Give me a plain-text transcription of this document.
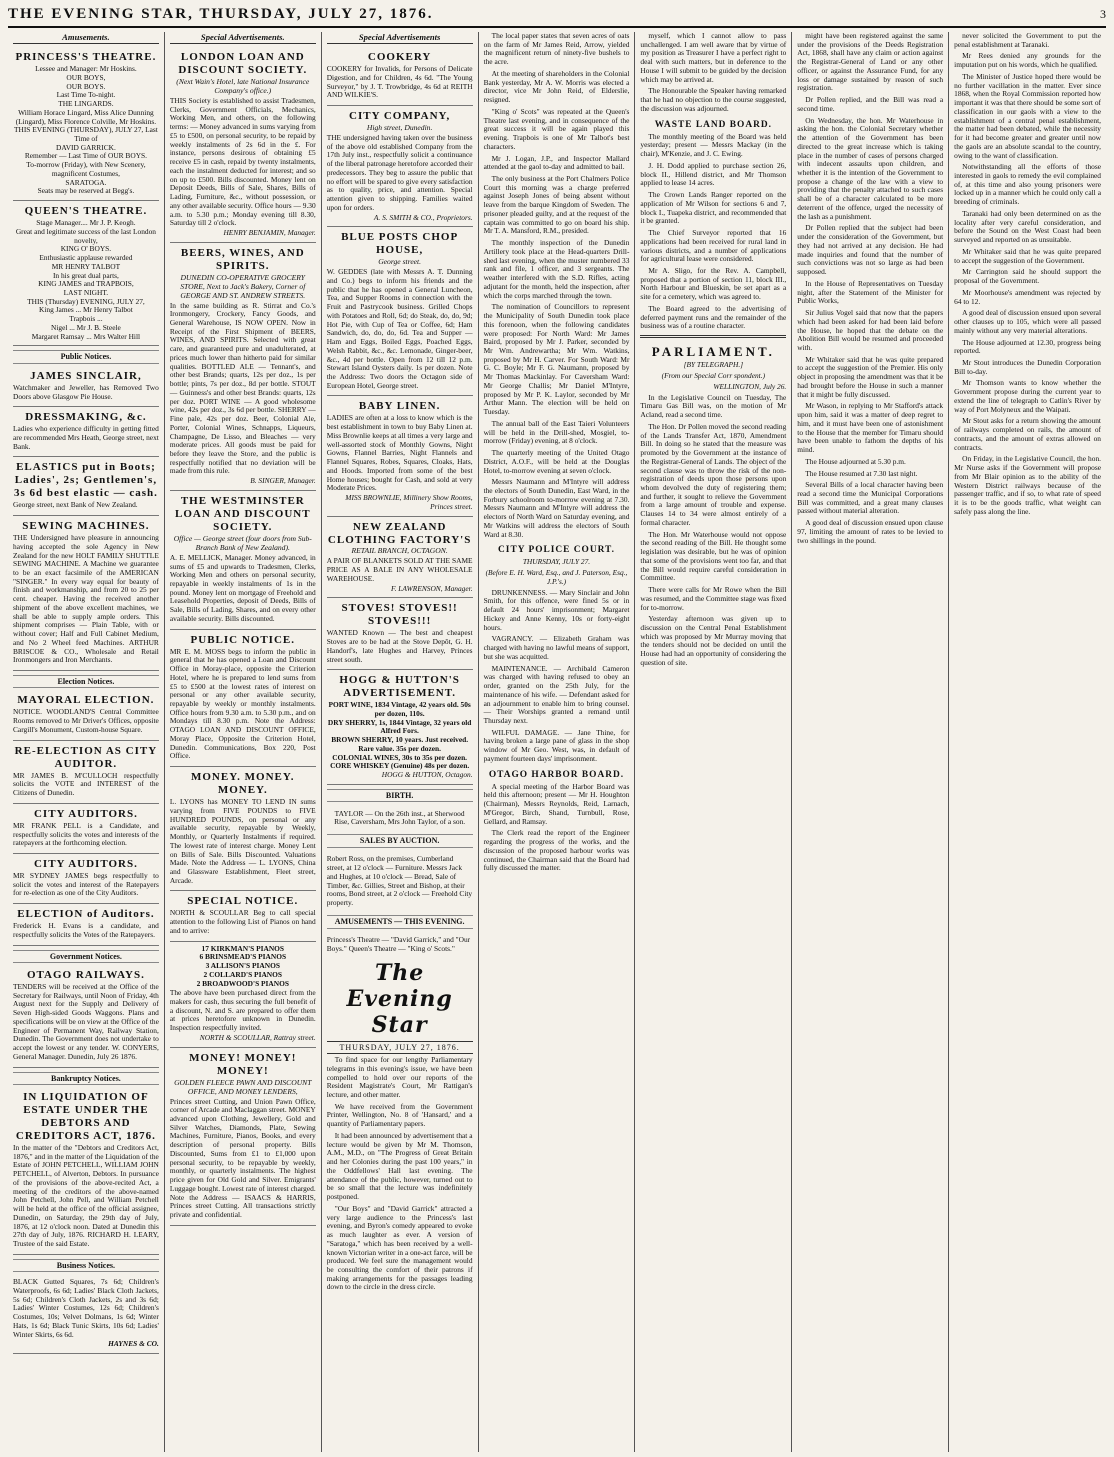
THE EVENING STAR, THURSDAY, JULY 27, 1876.	3
Amusements.
PRINCESS'S THEATRE.
Lessee and Manager: Mr Hoskins.
OUR BOYS,
OUR BOYS.
Last Time To-night.
THE LINGARDS.
William Horace Lingard, Miss Alice Dunning (Lingard), Miss Florence Colville, Mr Hoskins.
THIS EVENING (THURSDAY), JULY 27, Last Time of
DAVID GARRICK.
Remember — Last Time of OUR BOYS.
To-morrow (Friday), with New Scenery, magnificent Costumes,
SARATOGA.
Seats may be reserved at Begg's.
QUEEN'S THEATRE.
Stage Manager.... Mr J. P. Keogh.
Great and legitimate success of the last London novelty,
KING O' BOYS.
Enthusiastic applause rewarded
MR HENRY TALBOT
In his great dual parts,
KING JAMES and TRAPBOIS,
LAST NIGHT.
THIS (Thursday) EVENING, JULY 27,
King James ... Mr Henry Talbot
Trapbois ...
Nigel ... Mr J. B. Steele
Margaret Ramsay ... Mrs Walter Hill
Public Notices.
JAMES SINCLAIR,

Watchmaker and Jeweller, has Removed Two Doors above Glasgow Pie House.

DRESSMAKING, &c.

Ladies who experience difficulty in getting fitted are recommended Mrs Heath, George street, next Bank.

ELASTICS put in Boots; Ladies', 2s; Gentlemen's, 3s 6d best elastic — cash.

George street, next Bank of New Zealand.

SEWING MACHINES.

THE Undersigned have pleasure in announcing having accepted the sole Agency in New Zealand for the new HOLT FAMILY SHUTTLE SEWING MACHINE. A Machine we guarantee to be an exact facsimile of the AMERICAN "SINGER." In every way equal for beauty of finish and workmanship, and from 20 to 25 per cent. cheaper. Having the received another shipment of the above excellent machines, we shall be able to supply ample orders. This shipment comprises — Plain Table, with or without cover; Half and Full Cabinet Medium, and No 2 Wheel feed Machines. ARTHUR BRISCOE & CO., Wholesale and Retail Ironmongers and Iron Merchants.

Election Notices.
MAYORAL ELECTION.

NOTICE. WOODLAND'S Central Committee Rooms removed to Mr Driver's Offices, opposite Cargill's Monument, Custom-house Square.

RE-ELECTION AS CITY AUDITOR.

MR JAMES B. M'CULLOCH respectfully solicits the VOTE and INTEREST of the Citizens of Dunedin.

CITY AUDITORS.

MR FRANK PELL is a Candidate, and respectfully solicits the votes and interests of the ratepayers at the forthcoming election.

CITY AUDITORS.

MR SYDNEY JAMES begs respectfully to solicit the votes and interest of the Ratepayers for re-election as one of the City Auditors.

ELECTION of Auditors.

Frederick H. Evans is a candidate, and respectfully solicits the Votes of the Ratepayers.

Government Notices.
OTAGO RAILWAYS.

TENDERS will be received at the Office of the Secretary for Railways, until Noon of Friday, 4th August next for the Supply and Delivery of Seven High-sided Goods Waggons. Plans and specifications will be on view at the Office of the Engineer of Permanent Way, Railway Station, Dunedin. The Government does not undertake to accept the lowest or any tender. W. CONYERS, General Manager. Dunedin, July 26 1876.

Bankruptcy Notices.
IN LIQUIDATION OF ESTATE UNDER THE DEBTORS AND CREDITORS ACT, 1876.

In the matter of the "Debtors and Creditors Act, 1876," and in the matter of the Liquidation of the Estate of JOHN PETCHELL, WILLIAM JOHN PETCHELL, of Alverton, Debtors. In pursuance of the provisions of the above-recited Act, a meeting of the creditors of the above-named John Petchell, John Pell, and William Petchell will be held at the office of the official assignee, Dunedin, on Saturday, the 29th day of July, 1876, at 12 o'clock noon. Dated at Dunedin this 27th day of July, 1876. RICHARD H. LEARY, Trustee of the said Estate.

Business Notices.

BLACK Gutted Squares, 7s 6d; Children's Waterproofs, 6s 6d; Ladies' Black Cloth Jackets, 5s 6d; Children's Cloth Jackets, 2s and 3s 6d; Ladies' Winter Costumes, 12s 6d; Children's Costumes, 10s; Velvet Dolmans, 1s 6d; Winter Hats, 1s 6d; Black Tunic Skirts, 10s 6d; Ladies' Winter Skirts, 6s 6d.

HAYNES & CO.
Special Advertisements.
LONDON LOAN AND DISCOUNT SOCIETY.
(Next Wain's Hotel, late National Insurance Company's office.)

THIS Society is established to assist Tradesmen, Clerks, Government Officials, Mechanics, Working Men, and others, on the following terms: — Money advanced in sums varying from £5 to £500, on personal security, to be repaid by weekly instalments of 2s 6d in the £. For instance, persons desirous of obtaining £5 receive £5 in cash, repaid by twenty instalments, each the instalment deducted for interest; and so on up to £500. Bills discounted. Money lent on Deposit Deeds, Bills of Sale, Shares, Bills of Lading, Furniture, &c., without possession, or any other available security. Office hours — 9.30 a.m. to 5.30 p.m.; Monday evening till 8.30, Saturday till 2 o'clock.

HENRY BENJAMIN, Manager.
BEERS, WINES, AND SPIRITS.
DUNEDIN CO-OPERATIVE GROCERY STORE, Next to Jack's Bakery, Corner of GEORGE AND ST. ANDREW STREETS.

In the same building as R. Stirrat and Co.'s Ironmongery, Crockery, Fancy Goods, and General Warehouse, IS NOW OPEN. Now in Receipt of the First Shipment of BEERS, WINES, AND SPIRITS. Selected with great care, and guaranteed pure and unadulterated, at prices much lower than hitherto paid for similar qualities. BOTTLED ALE — Tennant's, and other best Brands; quarts, 12s per doz., 1s per bottle; pints, 7s per doz., 8d per bottle. STOUT — Guinness's and other best Brands: quarts, 12s per doz. PORT WINE — A good wholesome wine, 42s per doz., 3s 6d per bottle. SHERRY — Fine pale, 42s per doz. Beer, Colonial Ale, Porter, Colonial Wines, Schnapps, Liqueurs, Champagne, De Lisso, and Bleaches — very moderate prices. All goods must be paid for before they leave the Store, and the public is respectfully notified that no deviation will be made from this rule.

B. SINGER, Manager.
THE WESTMINSTER LOAN AND DISCOUNT SOCIETY.
Office — George street (four doors from Sub-Branch Bank of New Zealand).

A. E. MELLICK, Manager. Money advanced, in sums of £5 and upwards to Tradesmen, Clerks, Working Men and others on personal security, repayable in weekly instalments of 1s in the pound. Money lent on mortgage of Freehold and Leasehold Properties, deposit of Deeds, Bills of Sale, Bills of Lading, Shares, and on every other available security. Bills discounted.

PUBLIC NOTICE.

MR E. M. MOSS begs to inform the public in general that he has opened a Loan and Discount Office in Moray-place, opposite the Criterion Hotel, where he is prepared to lend sums from £5 to £500 at the lowest rates of interest on personal or any other available security, repayable by weekly or monthly instalments. Office hours from 9.30 a.m. to 5.30 p.m., and on Mondays till 8.30 p.m. Note the Address: OTAGO LOAN AND DISCOUNT OFFICE, Moray Place, Opposite the Criterion Hotel, Dunedin. Communications, Box 220, Post Office.

MONEY. MONEY. MONEY.

L. LYONS has MONEY TO LEND IN sums varying from FIVE POUNDS to FIVE HUNDRED POUNDS, on personal or any available security, repayable by Weekly, Monthly, or Quarterly Instalments if required. The lowest rate of interest charge. Money Lent on Bills of Sale. Bills Discounted. Valuations Made. Note the Address — L. LYONS, China and Glassware Establishment, Fleet street, Arcade.

SPECIAL NOTICE.

NORTH & SCOULLAR Beg to call special attention to the following List of Pianos on hand and to arrive:

17 KIRKMAN'S PIANOS
6 BRINSMEAD'S PIANOS
3 ALLISON'S PIANOS
2 COLLARD'S PIANOS
2 BROADWOOD'S PIANOS

The above have been purchased direct from the makers for cash, thus securing the full benefit of a discount, N. and S. are prepared to offer them at prices heretofore unknown in Dunedin. Inspection respectfully invited.

NORTH & SCOULLAR, Rattray street.
MONEY! MONEY! MONEY!
GOLDEN FLEECE PAWN AND DISCOUNT OFFICE, AND MONEY LENDERS,

Princes street Cutting, and Union Pawn Office, corner of Arcade and Maclaggan street. MONEY advanced upon Clothing, Jewellery, Gold and Silver Watches, Diamonds, Plate, Sewing Machines, Furniture, Pianos, Books, and every description of personal property. Bills Discounted, Sums from £1 to £1,000 upon personal security, to be repayable by weekly, monthly, or quarterly instalments. The highest price given for Old Gold and Silver. Emigrants' Luggage bought. Lowest rate of interest charged. Note the Address — ISAACS & HARRIS, Princes street Cutting. All transactions strictly private and confidential.

Special Advertisements
COOKERY

COOKERY for Invalids, for Persons of Delicate Digestion, and for Children, 4s 6d. "The Young Surveyor," by J. T. Trowbridge, 4s 6d at REITH AND WILKIE'S.

CITY COMPANY,
High street, Dunedin.

THE undersigned having taken over the business of the above old established Company from the 17th July inst., respectfully solicit a continuance of the liberal patronage heretofore accorded their predecessors. They beg to assure the public that no effort will be spared to give every satisfaction as to quality, price, and attention. Special attention given to shipping. Families waited upon for orders.

A. S. SMITH & CO., Proprietors.
BLUE POSTS CHOP HOUSE,
George street.

W. GEDDES (late with Messrs A. T. Dunning and Co.) begs to inform his friends and the public that he has opened a General Luncheon, Tea, and Supper Rooms in connection with the Fruit and Pastrycook business. Grilled Chops with Potatoes and Roll, 6d; do Steak, do, do, 9d; Hot Pie, with Cup of Tea or Coffee, 6d; Ham Sandwich, do, do, do, 6d. Tea and Supper — Ham and Eggs, Boiled Eggs, Poached Eggs, Welsh Rabbit, &c., &c. Lemonade, Ginger-beer, &c., 4d per bottle. Open from 12 till 12 p.m. Stewart Island Oysters daily. 1s per dozen. Note the Address: Two doors the Octagon side of European Hotel, George street.

BABY LINEN.

LADIES are often at a loss to know which is the best establishment in town to buy Baby Linen at. Miss Brownlie keeps at all times a very large and well-assorted stock of Monthly Gowns, Night Gowns, Flannel Barries, Night Flannels and Flannel Squares, Robes, Squares, Cloaks, Hats, and Hoods. Imported from some of the best Home houses; bought for Cash, and sold at very Moderate Prices.

MISS BROWNLIE, Millinery Show Rooms, Princes street.
NEW ZEALAND CLOTHING FACTORY'S
RETAIL BRANCH, OCTAGON.

A PAIR OF BLANKETS SOLD AT THE SAME PRICE AS A BALE IN ANY WHOLESALE WAREHOUSE.

F. LAWRENSON, Manager.
STOVES! STOVES!! STOVES!!!

WANTED Known — The best and cheapest Stoves are to be had at the Stove Depôt, G. H. Handorf's, late Hughes and Harvey, Princes street south.

HOGG & HUTTON'S ADVERTISEMENT.
PORT WINE, 1834 Vintage, 42 years old. 50s per dozen, 110s.
DRY SHERRY, 1s, 1844 Vintage, 32 years old Alfred Fors.
BROWN SHERRY, 10 years. Just received. Rare value. 35s per dozen.
COLONIAL WINES, 30s to 35s per dozen.
CORE WHISKEY (Genuine) 48s per dozen.
HOGG & HUTTON, Octagon.
BIRTH.

TAYLOR — On the 26th inst., at Sherwood Rise, Caversham, Mrs John Taylor, of a son.

SALES BY AUCTION.

Robert Ross, on the premises, Cumberland street, at 12 o'clock — Furniture. Messrs Jack and Hughes, at 10 o'clock — Bread, Sale of Timber, &c. Gillies, Street and Bishop, at their rooms, Bond street, at 2 o'clock — Freehold City property.

AMUSEMENTS — THIS EVENING.

Princess's Theatre — "David Garrick," and "Our Boys." Queen's Theatre — "King o' Scots."

The Evening Star
THURSDAY, JULY 27, 1876.

To find space for our lengthy Parliamentary telegrams in this evening's issue, we have been compelled to hold over our reports of the Resident Magistrate's Court, Mr Rattigan's lecture, and other matter.

We have received from the Government Printer, Wellington, No. 8 of 'Hansard,' and a quantity of Parliamentary papers.

It had been announced by advertisement that a lecture would be given by Mr M. Thomson, A.M., M.D., on "The Progress of Great Britain and her Colonies during the past 100 years," in the Oddfellows' Hall last evening. The attendance of the public, however, turned out to be so small that the lecture was indefinitely postponed.

"Our Boys" and "David Garrick" attracted a very large audience to the Princess's last evening, and Byron's comedy appeared to evoke as much laughter as ever. A version of "Saratoga," which has been received by a well-known Victorian writer in a one-act farce, will be produced. We feel sure the management would be consulting the comfort of their patrons if making arrangements for the passages leading down to the circle in the dress circle.

The local paper states that seven acres of oats on the farm of Mr James Reid, Arrow, yielded the magnificent return of ninety-five bushels to the acre.

At the meeting of shareholders in the Colonial Bank yesterday, Mr A. W. Morris was elected a director, vice Mr John Reid, of Elderslie, resigned.

"King o' Scots" was repeated at the Queen's Theatre last evening, and in consequence of the great success it will be again played this evening. Trapbois is one of Mr Talbot's best characters.

Mr J. Logan, J.P., and Inspector Mallard attended at the gaol to-day and admitted to bail.

The only business at the Port Chalmers Police Court this morning was a charge preferred against Joseph Jones of being absent without leave from the barque Kingdom of Sweden. The prisoner pleaded guilty, and at the request of the captain was committed to go on board his ship. Mr T. A. Mansford, R.M., presided.

The monthly inspection of the Dunedin Artillery took place at the Head-quarters Drill-shed last evening, when the muster numbered 33 rank and file, 1 officer, and 3 sergeants. The weather interfered with the S.D. Rifles, acting adjutant for the month, held the inspection, after which the corps marched through the town.

The nomination of Councillors to represent the Municipality of South Dunedin took place this forenoon, when the following candidates were proposed: For North Ward: Mr James Baird, proposed by Mr J. Parker, seconded by Mr Wm. Andrewartha; Mr Wm. Watkins, proposed by Mr H. Carver. For South Ward: Mr G. C. Boyle; Mr F. G. Naumann, proposed by Mr Thomas Mackinlay. For Caversham Ward: Mr George Challis; Mr Daniel M'Intyre, proposed by Mr P. K. Laylor, seconded by Mr Arthur Mann. The election will be held on Tuesday.

The annual ball of the East Taieri Volunteers will be held in the Drill-shed, Mosgiel, to-morrow (Friday) evening, at 8 o'clock.

The quarterly meeting of the United Otago District, A.O.F., will be held at the Douglas Hotel, to-morrow evening at seven o'clock.

Messrs Naumann and M'Intyre will address the electors of South Dunedin, East Ward, in the Forbury schoolroom to-morrow evening at 7.30. Messrs Naumann and M'Intyre will address the electors of North Ward on Saturday evening, and Mr Watkins will address the electors of South Ward at 8.30.

CITY POLICE COURT.
THURSDAY, JULY 27.
(Before E. H. Ward, Esq., and J. Paterson, Esq., J.P.'s.)

DRUNKENNESS. — Mary Sinclair and John Smith, for this offence, were fined 5s or in default 24 hours' imprisonment; Margaret Hickey and Anne Kenny, 10s or forty-eight hours.

VAGRANCY. — Elizabeth Graham was charged with having no lawful means of support, but she was acquitted.

MAINTENANCE. — Archibald Cameron was charged with having refused to obey an order, granted on the 25th July, for the maintenance of his wife. — Defendant asked for an adjournment to enable him to bring counsel. — Their Worships granted a remand until Thursday next.

WILFUL DAMAGE. — Jane Thine, for having broken a large pane of glass in the shop window of Mr Geo. West, was, in default of payment fourteen days' imprisonment.

OTAGO HARBOR BOARD.

A special meeting of the Harbor Board was held this afternoon; present — Mr H. Houghton (Chairman), Messrs Reynolds, Reid, Larnach, M'Gregor, Birch, Shand, Turnbull, Rose, Gellard, and Ramsay.

The Clerk read the report of the Engineer regarding the progress of the works, and the discussion of the proposed harbour works was continued, the Chairman said that the Board had fully discussed the matter.

myself, which I cannot allow to pass unchallenged. I am well aware that by virtue of my position as Treasurer I have a perfect right to deal with such matters, but in deference to the House I will submit to be guided by the decision which may be arrived at.

The Honourable the Speaker having remarked that he had no objection to the course suggested, the discussion was adjourned.

WASTE LAND BOARD.

The monthly meeting of the Board was held yesterday; present — Messrs Mackay (in the chair), M'Kenzie, and J. C. Ewing.

J. H. Dodd applied to purchase section 26, block II., Hillend district, and Mr Thomson applied to lease 14 acres.

The Crown Lands Ranger reported on the application of Mr Wilson for sections 6 and 7, block I., Tuapeka district, and recommended that it be granted.

The Chief Surveyor reported that 16 applications had been received for rural land in various districts, and a number of applications for agricultural lease were considered.

Mr A. Sligo, for the Rev. A. Campbell, proposed that a portion of section 11, block III., North Harbour and Blueskin, be set apart as a site for a cemetery, which was agreed to.

The Board agreed to the advertising of deferred payment runs and the remainder of the business was of a routine character.

PARLIAMENT.
[BY TELEGRAPH.]
(From our Special Corr spondent.)
WELLINGTON, July 26.

In the Legislative Council on Tuesday, The Timaru Gas Bill was, on the motion of Mr Acland, read a second time.

The Hon. Dr Pollen moved the second reading of the Lands Transfer Act, 1870, Amendment Bill. In doing so he stated that the measure was promoted by the Government at the instance of the Registrar-General of Lands. The object of the second clause was to throw the risk of the non-registration of deeds upon those persons upon whom devolved the duty of registering them; and further, it sought to relieve the Government from a large amount of trouble and expense. Clauses 14 to 34 were almost entirely of a formal character.

The Hon. Mr Waterhouse would not oppose the second reading of the Bill. He thought some legislation was desirable, but he was of opinion that some of the provisions went too far, and that the Bill would require careful consideration in Committee.

There were calls for Mr Rowe when the Bill was resumed, and the Committee stage was fixed for to-morrow.

Yesterday afternoon was given up to discussion on the Central Penal Establishment which was proposed by Mr Murray moving that the tenders should not be decided on until the House had had an opportunity of considering the question of site.

might have been registered against the same under the provisions of the Deeds Registration Act, 1868, shall have any claim or action against the Registrar-General of Land or any other officer, or against the Assurance Fund, for any loss or damage sustained by reason of such registration.

Dr Pollen replied, and the Bill was read a second time.

On Wednesday, the hon. Mr Waterhouse in asking the hon. the Colonial Secretary whether the attention of the Government has been directed to the great increase which is taking place in the number of cases of persons charged with indecent assaults upon children, and whether it is the intention of the Government to propose a change of the law with a view to providing that the penalty attached to such cases shall be of a character calculated to be more deterrent of the offence, urged the necessity of the lash as a punishment.

Dr Pollen replied that the subject had been under the consideration of the Government, but they had not arrived at any decision. He had made inquiries and found that the number of such convictions was not so large as had been supposed.

In the House of Representatives on Tuesday night, after the Statement of the Minister for Public Works,

Sir Julius Vogel said that now that the papers which had been asked for had been laid before the House, he hoped that the debate on the Abolition Bill would be resumed and proceeded with.

Mr Whitaker said that he was quite prepared to accept the suggestion of the Premier. His only object in proposing the amendment was that it be had brought before the House in such a manner that it might be fully discussed.

Mr Wason, in replying to Mr Stafford's attack upon him, said it was a matter of deep regret to him, and it must have been one of astonishment to the House that the member for Timaru should have been unable to fathom the depths of his mind.

The House adjourned at 5.30 p.m.

The House resumed at 7.30 last night.

Several Bills of a local character having been read a second time the Municipal Corporations Bill was committed, and a great many clauses passed without material alteration.

A good deal of discussion ensued upon clause 97, limiting the amount of rates to be levied to two shillings in the pound.

never solicited the Government to put the penal establishment at Taranaki.

Mr Rees denied any grounds for the imputation put on his words, which he qualified.

The Minister of Justice hoped there would be no further vacillation in the matter. Ever since 1868, when the Royal Commission reported how important it was that there should be some sort of classification in our gaols with a view to the establishment of a central penal establishment, the matter had been debated, while the necessity for it had become greater and greater until now the gaols are an absolute scandal to the country, owing to the want of classification.

Notwithstanding all the efforts of those interested in gaols to remedy the evil complained of, at this time and also young prisoners were locked up in a manner which he could only call a breeding of criminals.

Taranaki had only been determined on as the locality after very careful consideration, and before the Sound on the West Coast had been surveyed and reported on as unsuitable.

Mr Whitaker said that he was quite prepared to accept the suggestion of the Government.

Mr Carrington said he should support the proposal of the Government.

Mr Moorhouse's amendment was rejected by 64 to 12.

A good deal of discussion ensued upon several other clauses up to 105, which were all passed mainly without any very material alterations.

The House adjourned at 12.30, progress being reported.

Mr Stout introduces the Dunedin Corporation Bill to-day.

Mr Thomson wants to know whether the Government propose during the current year to extend the line of telegraph to Catlin's River by way of Port Molyneux and the Waipati.

Mr Stout asks for a return showing the amount of railways completed on rails, the amount of contracts, and the amount of extras allowed on contracts.

On Friday, in the Legislative Council, the hon. Mr Nurse asks if the Government will propose from Mr Blair opinion as to the ability of the Western District railways because of the passenger traffic, and if so, to what rate of speed it is to be the goods traffic, what weight can safely pass along the line.
